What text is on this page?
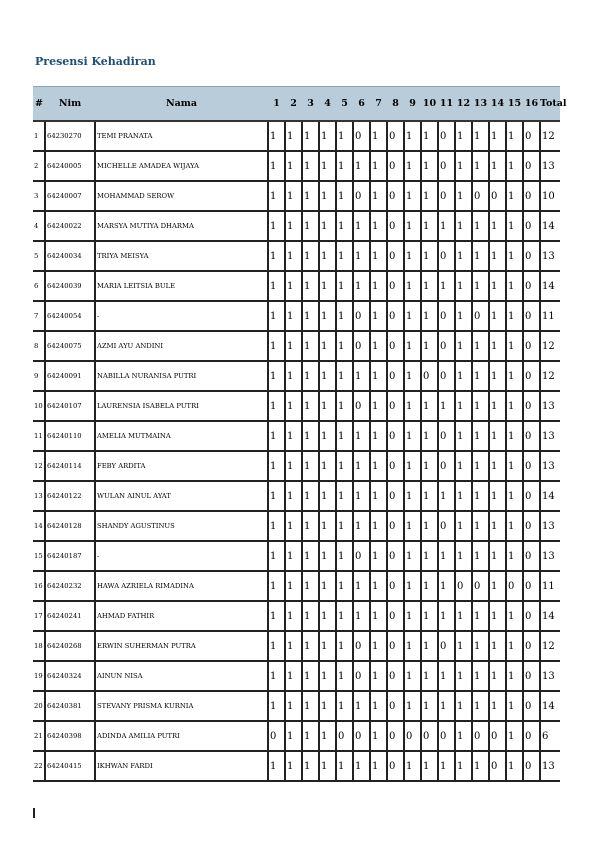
Presensi Kehadiran
#	Nim	Nama	1	2	3	4	5	6	7	8	9	10	11	12	13	14	15	16	Total
1	64230270	TEMI PRANATA	1	1	1	1	1	0	1	0	1	1	0	1	1	1	1	0	12
2	64240005	MICHELLE AMADEA WIJAYA	1	1	1	1	1	1	1	0	1	1	0	1	1	1	1	0	13
3	64240007	MOHAMMAD SEROW	1	1	1	1	1	0	1	0	1	1	0	1	0	0	1	0	10
4	64240022	MARSYA MUTIYA DHARMA	1	1	1	1	1	1	1	0	1	1	1	1	1	1	1	0	14
5	64240034	TRIYA MEISYA	1	1	1	1	1	1	1	0	1	1	0	1	1	1	1	0	13
6	64240039	MARIA LEITSIA BULE	1	1	1	1	1	1	1	0	1	1	1	1	1	1	1	0	14
7	64240054	-	1	1	1	1	1	0	1	0	1	1	0	1	0	1	1	0	11
8	64240075	AZMI AYU ANDINI	1	1	1	1	1	0	1	0	1	1	0	1	1	1	1	0	12
9	64240091	NABILLA NURANISA PUTRI	1	1	1	1	1	1	1	0	1	0	0	1	1	1	1	0	12
10	64240107	LAURENSIA ISABELA PUTRI	1	1	1	1	1	0	1	0	1	1	1	1	1	1	1	0	13
11	64240110	AMELIA MUTMAINA	1	1	1	1	1	1	1	0	1	1	0	1	1	1	1	0	13
12	64240114	FEBY ARDITA	1	1	1	1	1	1	1	0	1	1	0	1	1	1	1	0	13
13	64240122	WULAN AINUL AYAT	1	1	1	1	1	1	1	0	1	1	1	1	1	1	1	0	14
14	64240128	SHANDY AGUSTINUS	1	1	1	1	1	1	1	0	1	1	0	1	1	1	1	0	13
15	64240187	-	1	1	1	1	1	0	1	0	1	1	1	1	1	1	1	0	13
16	64240232	HAWA AZRIELA RIMADINA	1	1	1	1	1	1	1	0	1	1	1	0	0	1	0	0	11
17	64240241	AHMAD FATHIR	1	1	1	1	1	1	1	0	1	1	1	1	1	1	1	0	14
18	64240268	ERWIN SUHERMAN PUTRA	1	1	1	1	1	0	1	0	1	1	0	1	1	1	1	0	12
19	64240324	AINUN NISA	1	1	1	1	1	0	1	0	1	1	1	1	1	1	1	0	13
20	64240381	STEVANY PRISMA KURNIA	1	1	1	1	1	1	1	0	1	1	1	1	1	1	1	0	14
21	64240398	ADINDA AMILIA PUTRI	0	1	1	1	0	0	1	0	0	0	0	1	0	0	1	0	6
22	64240415	IKHWAN FARDI	1	1	1	1	1	1	1	0	1	1	1	1	1	0	1	0	13
